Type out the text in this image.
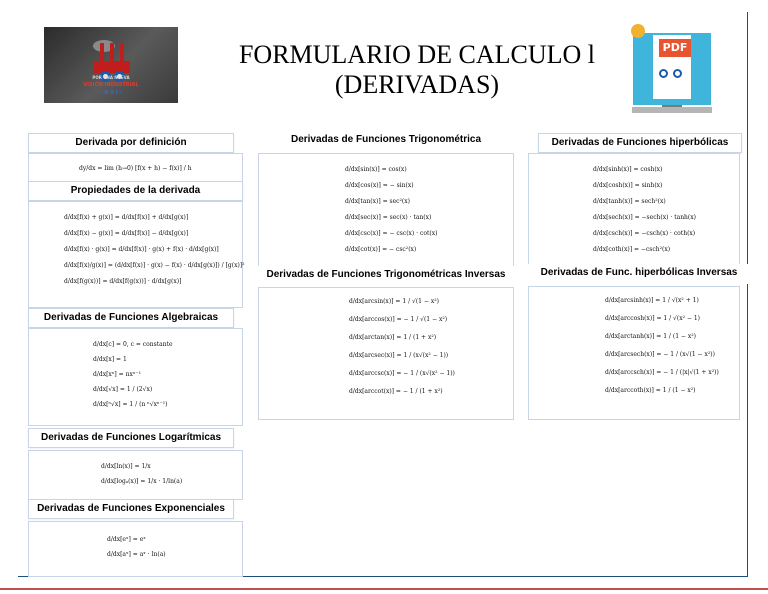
POR UNA NUEVA
VISIÓN INDUSTRIAL
- N V I -
FORMULARIO DE CALCULO l
(DERIVADAS)
PDF
Derivada por definición
dy/dx = lim (h→0) [f(x + h) − f(x)] / h
Propiedades de la derivada
d/dx[f(x) + g(x)] = d/dx[f(x)] + d/dx[g(x)]
d/dx[f(x) − g(x)] = d/dx[f(x)] − d/dx[g(x)]
d/dx[f(x) · g(x)] = d/dx[f(x)] · g(x) + f(x) · d/dx[g(x)]
d/dx[f(x)/g(x)] = (d/dx[f(x)] · g(x) − f(x) · d/dx[g(x)]) / [g(x)]²
d/dx[f(g(x))] = d/dx[f(g(x))] · d/dx[g(x)]
Derivadas de Funciones Algebraicas
d/dx[c] = 0, c = constante
d/dx[x] = 1
d/dx[xⁿ] = nxⁿ⁻¹
d/dx[√x] = 1 / (2√x)
d/dx[ⁿ√x] = 1 / (n ⁿ√xⁿ⁻¹)
Derivadas de Funciones Logarítmicas
d/dx[ln(x)] = 1/x
d/dx[logₐ(x)] = 1/x · 1/ln(a)
Derivadas de Funciones Exponenciales
d/dx[eˣ] = eˣ
d/dx[aˣ] = aˣ · ln(a)
Derivadas de Funciones Trigonométrica
d/dx[sin(x)] = cos(x)
d/dx[cos(x)] = − sin(x)
d/dx[tan(x)] = sec²(x)
d/dx[sec(x)] = sec(x) · tan(x)
d/dx[csc(x)] = − csc(x) · cot(x)
d/dx[cot(x)] = − csc²(x)
Derivadas de Funciones Trigonométricas Inversas
d/dx[arcsin(x)] = 1 / √(1 − x²)
d/dx[arccos(x)] = − 1 / √(1 − x²)
d/dx[arctan(x)] = 1 / (1 + x²)
d/dx[arcsec(x)] = 1 / (x√(x² − 1))
d/dx[arccsc(x)] = − 1 / (x√(x² − 1))
d/dx[arccot(x)] = − 1 / (1 + x²)
Derivadas de Funciones hiperbólicas
d/dx[sinh(x)] = cosh(x)
d/dx[cosh(x)] = sinh(x)
d/dx[tanh(x)] = sech²(x)
d/dx[sech(x)] = −sech(x) · tanh(x)
d/dx[csch(x)] = −csch(x) · coth(x)
d/dx[coth(x)] = −csch²(x)
Derivadas de Func. hiperbólicas Inversas
d/dx[arcsinh(x)] = 1 / √(x² + 1)
d/dx[arccosh(x)] = 1 / √(x² − 1)
d/dx[arctanh(x)] = 1 / (1 − x²)
d/dx[arcsech(x)] = − 1 / (x√(1 − x²))
d/dx[arccsch(x)] = − 1 / (|x|√(1 + x²))
d/dx[arccoth(x)] = 1 / (1 − x²)
